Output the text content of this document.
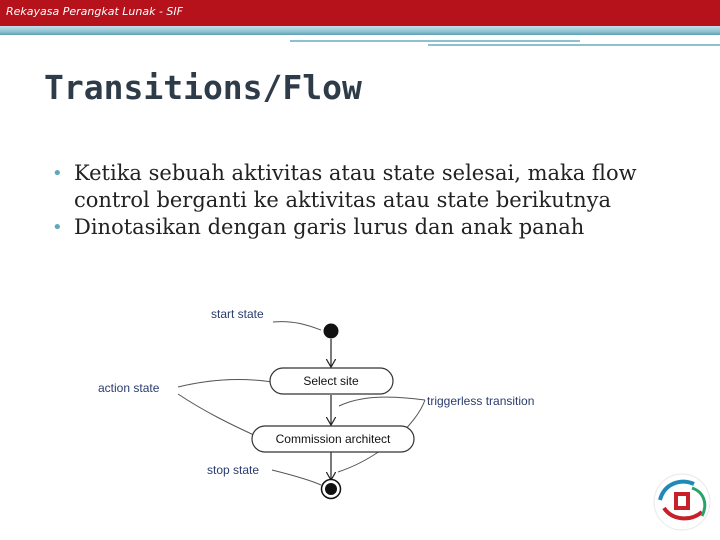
Rekayasa Perangkat Lunak - SIF
Transitions/Flow
• Ketika sebuah aktivitas atau state selesai, maka flow control berganti ke aktivitas atau state berikutnya
• Dinotasikan dengan garis lurus dan anak panah
start state
action state
triggerless transition
stop state
Select site
Commission architect
